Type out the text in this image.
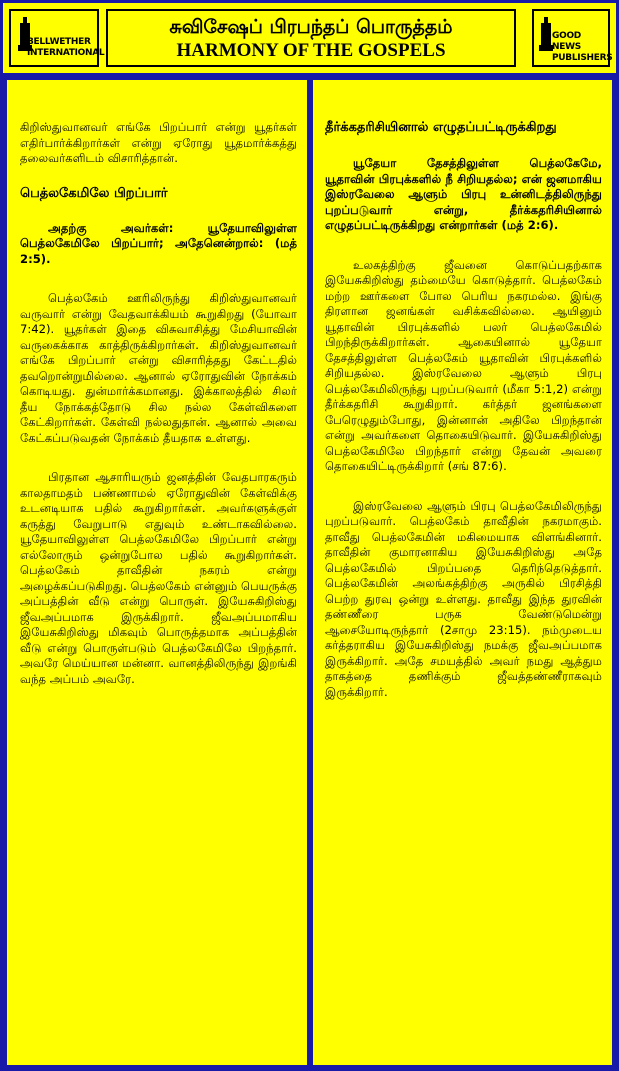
BELLWETHER INTERNATIONAL
சுவிசேஷப் பிரபந்தப் பொருத்தம்
HARMONY OF THE GOSPELS
GOOD NEWS PUBLISHERS

கிறிஸ்துவானவர் எங்கே பிறப்பார் என்று யூதர்கள் எதிர்பார்க்கிறார்கள் என்று ஏரோது யூதமார்க்கத்து தலைவர்களிடம் விசாரித்தான்.

பெத்லகேமிலே பிறப்பார்

அதற்கு அவர்கள்: யூதேயாவிலுள்ள பெத்லகேமிலே பிறப்பார்; அதேனென்றால்: (மத் 2:5).

பெத்லகேம் ஊரிலிருந்து கிறிஸ்துவானவர் வருவார் என்று வேதவாக்கியம் கூறுகிறது (யோவா 7:42). யூதர்கள் இதை விசுவாசித்து மேசியாவின் வருகைக்காக காத்திருக்கிறார்கள். கிறிஸ்துவானவர் எங்கே பிறப்பார் என்று விசாரித்தது கேட்டதில் தவறொன்றுமில்லை. ஆனால் ஏரோதுவின் நோக்கம் கொடியது. துன்மார்க்கமானது. இக்காலத்தில் சிலர் தீய நோக்கத்தோடு சில நல்ல கேள்விகளை கேட்கிறார்கள். கேள்வி நல்லதுதான். ஆனால் அவை கேட்கப்படுவதன் நோக்கம் தீயதாக உள்ளது.

பிரதான ஆசாரியரும் ஜனத்தின் வேதபாரகரும் காலதாமதம் பண்ணாமல் ஏரோதுவின் கேள்விக்கு உடனடியாக பதில் கூறுகிறார்கள். அவர்களுக்குள் கருத்து வேறுபாடு எதுவும் உண்டாகவில்லை. யூதேயாவிலுள்ள பெத்லகேமிலே பிறப்பார் என்று எல்லோரும் ஒன்றுபோல பதில் கூறுகிறார்கள். பெத்லகேம் தாவீதின் நகரம் என்று அழைக்கப்படுகிறது. பெத்லகேம் என்னும் பெயருக்கு அப்பத்தின் வீடு என்று பொருள். இயேசுகிறிஸ்து ஜீவஅப்பமாக இருக்கிறார். ஜீவஅப்பமாகிய இயேசுகிறிஸ்து மிகவும் பொருத்தமாக அப்பத்தின் வீடு என்று பொருள்படும் பெத்லகேமிலே பிறந்தார். அவரே மெய்யான மன்னா. வானத்திலிருந்து இறங்கி வந்த அப்பம் அவரே.

தீர்க்கதரிசியினால் எழுதப்பட்டிருக்கிறது

யூதேயா தேசத்திலுள்ள பெத்லகேமே, யூதாவின் பிரபுக்களில் நீ சிறியதல்ல; என் ஜனமாகிய இஸ்ரவேலை ஆளும் பிரபு உன்னிடத்திலிருந்து புறப்படுவார் என்று, தீர்க்கதரிசியினால் எழுதப்பட்டிருக்கிறது என்றார்கள் (மத் 2:6).

உலகத்திற்கு ஜீவனை கொடுப்பதற்காக இயேசுகிறிஸ்து தம்மையே கொடுத்தார். பெத்லகேம் மற்ற ஊர்களை போல பெரிய நகரமல்ல. இங்கு திரளான ஜனங்கள் வசிக்கவில்லை. ஆயினும் யூதாவின் பிரபுக்களில் பலர் பெத்லகேமில் பிறந்திருக்கிறார்கள். ஆகையினால் யூதேயா தேசத்திலுள்ள பெத்லகேம் யூதாவின் பிரபுக்களில் சிறியதல்ல. இஸ்ரவேலை ஆளும் பிரபு பெத்லகேமிலிருந்து புறப்படுவார் (மீகா 5:1,2) என்று தீர்க்கதரிசி கூறுகிறார். கர்த்தர் ஜனங்களை பேரெழுதும்போது, இன்னான் அதிலே பிறந்தான் என்று அவர்களை தொகையிடுவார். இயேசுகிறிஸ்து பெத்லகேமிலே பிறந்தார் என்று தேவன் அவரை தொகையிட்டிருக்கிறார் (சங் 87:6).

இஸ்ரவேலை ஆளும் பிரபு பெத்லகேமிலிருந்து புறப்படுவார். பெத்லகேம் தாவீதின் நகரமாகும். தாவீது பெத்லகேமின் மகிமையாக விளங்கினார். தாவீதின் குமாரனாகிய இயேசுகிறிஸ்து அதே பெத்லகேமில் பிறப்பதை தெரிந்தெடுத்தார். பெத்லகேமின் அலங்கத்திற்கு அருகில் பிரசித்தி பெற்ற துரவு ஒன்று உள்ளது. தாவீது இந்த துரவின் தண்ணீரை பருக வேண்டுமென்று ஆசையோடிருந்தார் (2சாமு 23:15). நம்முடைய கர்த்தராகிய இயேசுகிறிஸ்து நமக்கு ஜீவஅப்பமாக இருக்கிறார். அதே சமயத்தில் அவர் நமது ஆத்தும தாகத்தை தணிக்கும் ஜீவத்தண்ணீராகவும் இருக்கிறார்.
